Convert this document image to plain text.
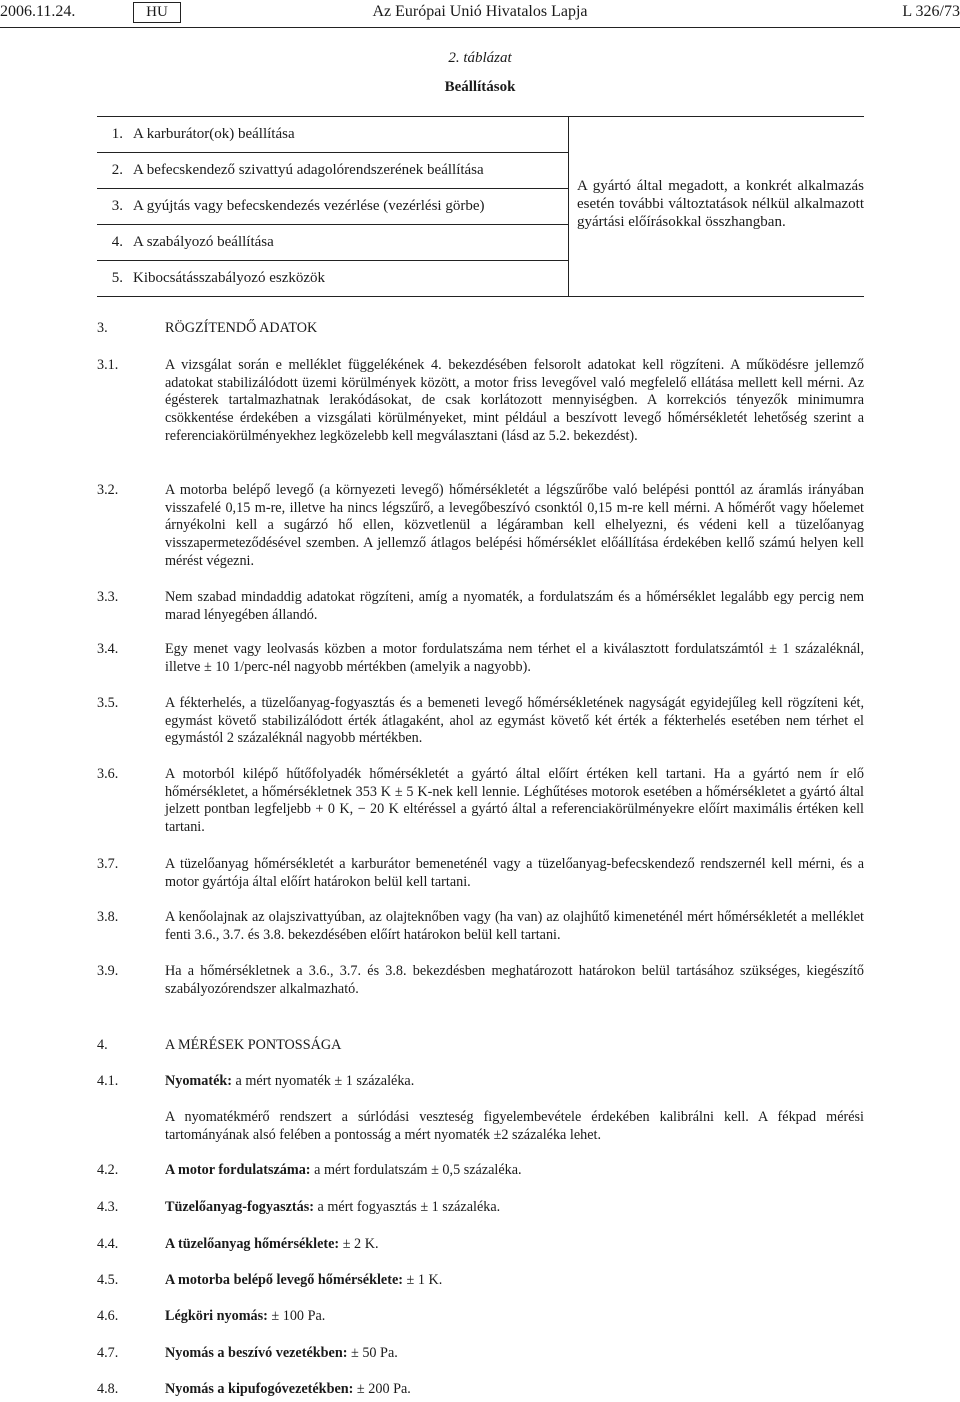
2006.11.24.	HU	Az Európai Unió Hivatalos Lapja	L 326/73
2. táblázat
Beállítások
1.	A karburátor(ok) beállítása	A gyártó által megadott, a konkrét alkalmazás esetén további változtatások nélkül alkalmazott gyártási előírásokkal összhangban.

2.	A befecskendező szivattyú adagolórendszerének beállítása	
3.	A gyújtás vagy befecskendezés vezérlése (vezérlési görbe)	
4.	A szabályozó beállítása	
5.	Kibocsátásszabályozó eszközök	
3.	RÖGZÍTENDŐ ADATOK
3.1.	A vizsgálat során e melléklet függelékének 4. bekezdésében felsorolt adatokat kell rögzíteni. A működésre jellemző adatokat stabilizálódott üzemi körülmények között, a motor friss levegővel való megfelelő ellátása mellett kell mérni. Az égésterek tartalmazhatnak lerakódásokat, de csak korlátozott mennyiségben. A korrekciós tényezők minimumra csökkentése érdekében a vizsgálati körülményeket, mint például a beszívott levegő hőmérsékletét lehetőség szerint a referenciakörülményekhez legközelebb kell megválasztani (lásd az 5.2. bekezdést).
3.2.	A motorba belépő levegő (a környezeti levegő) hőmérsékletét a légszűrőbe való belépési ponttól az áramlás irányában visszafelé 0,15 m-re, illetve ha nincs légszűrő, a levegőbeszívó csonktól 0,15 m-re kell mérni. A hőmérőt vagy hőelemet árnyékolni kell a sugárzó hő ellen, közvetlenül a légáramban kell elhelyezni, és védeni kell a tüzelőanyag visszapermeteződésével szemben. A jellemző átlagos belépési hőmérséklet előállítása érdekében kellő számú helyen kell mérést végezni.
3.3.	Nem szabad mindaddig adatokat rögzíteni, amíg a nyomaték, a fordulatszám és a hőmérséklet legalább egy percig nem marad lényegében állandó.
3.4.	Egy menet vagy leolvasás közben a motor fordulatszáma nem térhet el a kiválasztott fordulatszámtól ± 1 százaléknál, illetve ± 10 1/perc-nél nagyobb mértékben (amelyik a nagyobb).
3.5.	A fékterhelés, a tüzelőanyag-fogyasztás és a bemeneti levegő hőmérsékletének nagyságát egyidejűleg kell rögzíteni két, egymást követő stabilizálódott érték átlagaként, ahol az egymást követő két érték a fékterhelés esetében nem térhet el egymástól 2 százaléknál nagyobb mértékben.
3.6.	A motorból kilépő hűtőfolyadék hőmérsékletét a gyártó által előírt értéken kell tartani. Ha a gyártó nem ír elő hőmérsékletet, a hőmérsékletnek 353 K ± 5 K-nek kell lennie. Léghűtéses motorok esetében a hőmérsékletet a gyártó által jelzett pontban legfeljebb + 0 K, − 20 K eltéréssel a gyártó által a referenciakörülményekre előírt maximális értéken kell tartani.
3.7.	A tüzelőanyag hőmérsékletét a karburátor bemeneténél vagy a tüzelőanyag-befecskendező rendszernél kell mérni, és a motor gyártója által előírt határokon belül kell tartani.
3.8.	A kenőolajnak az olajszivattyúban, az olajteknőben vagy (ha van) az olajhűtő kimeneténél mért hőmérsékletét a melléklet fenti 3.6., 3.7. és 3.8. bekezdésében előírt határokon belül kell tartani.
3.9.	Ha a hőmérsékletnek a 3.6., 3.7. és 3.8. bekezdésben meghatározott határokon belül tartásához szükséges, kiegészítő szabályozórendszer alkalmazható.
4.	A MÉRÉSEK PONTOSSÁGA
4.1.	Nyomaték: a mért nyomaték ± 1 százaléka.
A nyomatékmérő rendszert a súrlódási veszteség figyelembevétele érdekében kalibrálni kell. A fékpad mérési tartományának alsó felében a pontosság a mért nyomaték ±2 százaléka lehet.
4.2.	A motor fordulatszáma: a mért fordulatszám ± 0,5 százaléka.
4.3.	Tüzelőanyag-fogyasztás: a mért fogyasztás ± 1 százaléka.
4.4.	A tüzelőanyag hőmérséklete: ± 2 K.
4.5.	A motorba belépő levegő hőmérséklete: ± 1 K.
4.6.	Légköri nyomás: ± 100 Pa.
4.7.	Nyomás a beszívó vezetékben: ± 50 Pa.
4.8.	Nyomás a kipufogóvezetékben: ± 200 Pa.
